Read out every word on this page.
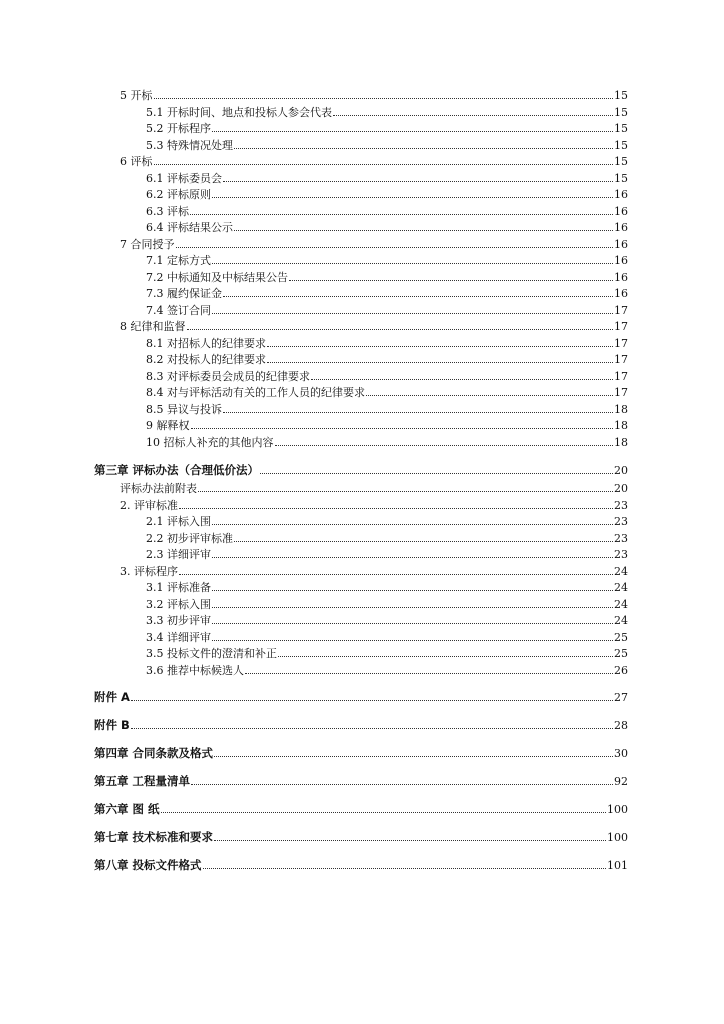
5 开标	15
5.1 开标时间、地点和投标人参会代表	15
5.2 开标程序	15
5.3 特殊情况处理	15
6 评标	15
6.1 评标委员会	15
6.2 评标原则	16
6.3 评标	16
6.4 评标结果公示	16
7 合同授予	16
7.1 定标方式	16
7.2 中标通知及中标结果公告	16
7.3 履约保证金	16
7.4 签订合同	17
8 纪律和监督	17
8.1 对招标人的纪律要求	17
8.2 对投标人的纪律要求	17
8.3 对评标委员会成员的纪律要求	17
8.4 对与评标活动有关的工作人员的纪律要求	17
8.5 异议与投诉	18
9 解释权	18
10 招标人补充的其他内容	18
第三章 评标办法（合理低价法）	20
评标办法前附表	20
2. 评审标准	23
2.1 评标入围	23
2.2 初步评审标准	23
2.3 详细评审	23
3. 评标程序	24
3.1 评标准备	24
3.2 评标入围	24
3.3 初步评审	24
3.4 详细评审	25
3.5 投标文件的澄清和补正	25
3.6 推荐中标候选人	26
附件 A	27
附件 B	28
第四章 合同条款及格式	30
第五章 工程量清单	92
第六章 图 纸	100
第七章 技术标准和要求	100
第八章 投标文件格式	101
